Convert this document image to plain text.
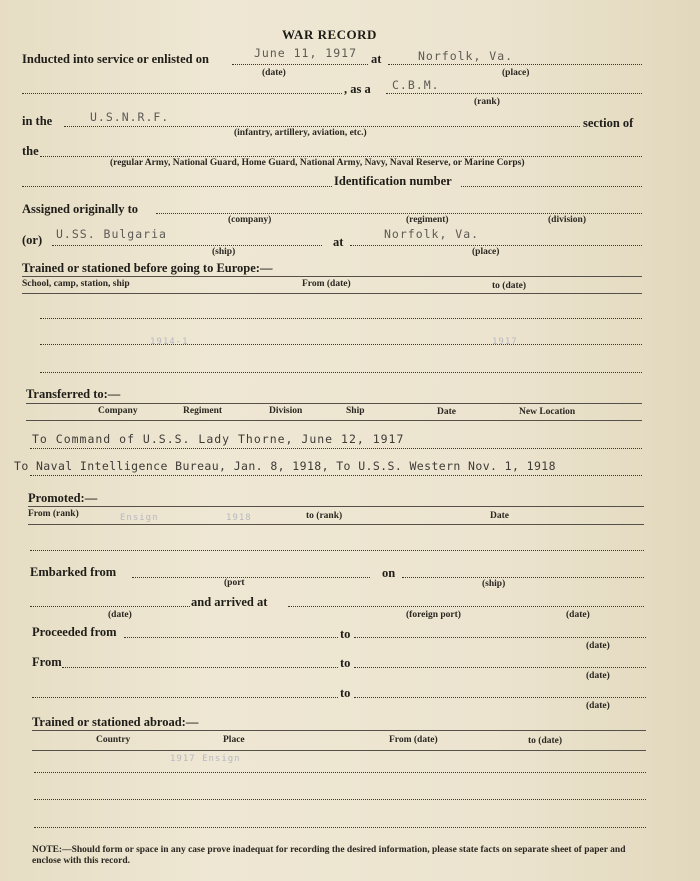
WAR RECORD
Inducted into service or enlisted on	June 11, 1917 at	Norfolk, Va.
(date)	(place)
, as a C.B.M.
(rank)
in the	U.S.N.R.F.	section of
(infantry, artillery, aviation, etc.)
the
(regular Army, National Guard, Home Guard, National Army, Navy, Naval Reserve, or Marine Corps)
Identification number
Assigned originally to
(company)	(regiment)	(division)
(or) U.SS. Bulgaria
at
Norfolk, Va.
(ship)	(place)
Trained or stationed before going to Europe:—
School, camp, station, ship	From (date)	to (date)
1914-1	1917
Transferred to:—
Company	Regiment	Division	Ship	Date	New Location
To Command of U.S.S. Lady Thorne, June 12, 1917
To Naval Intelligence Bureau, Jan. 8, 1918, To U.S.S. Western Nov. 1, 1918
Promoted:—
From (rank)	Ensign	1918	to (rank)	Date
Embarked from	on
(port	(ship)
and arrived at
(date)	(foreign port)	(date)
Proceeded from	to
(date)
From	to
(date)
to
(date)
Trained or stationed abroad:—
Country	Place	From (date)	to (date)
1917 Ensign
NOTE:—Should form or space in any case prove inadequat for recording the desired information, please state facts on separate sheet of paper and enclose with this record.
